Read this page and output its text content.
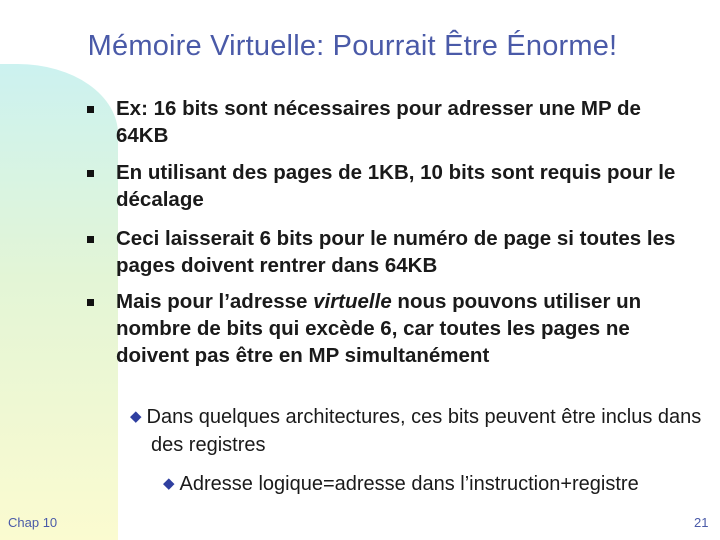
Mémoire Virtuelle: Pourrait Être Énorme!
Ex: 16 bits sont nécessaires pour adresser une MP de 64KB
En utilisant des pages de 1KB, 10 bits sont requis pour le décalage
Ceci laisserait 6 bits pour le numéro de page si toutes les pages doivent rentrer dans 64KB
Mais pour l’adresse virtuelle nous pouvons utiliser un nombre de bits qui excède 6, car toutes les pages ne doivent pas être en MP simultanément
◆ Dans quelques architectures, ces bits peuvent être inclus dans des registres
◆ Adresse logique=adresse dans l’instruction+registre
Chap 10	21
